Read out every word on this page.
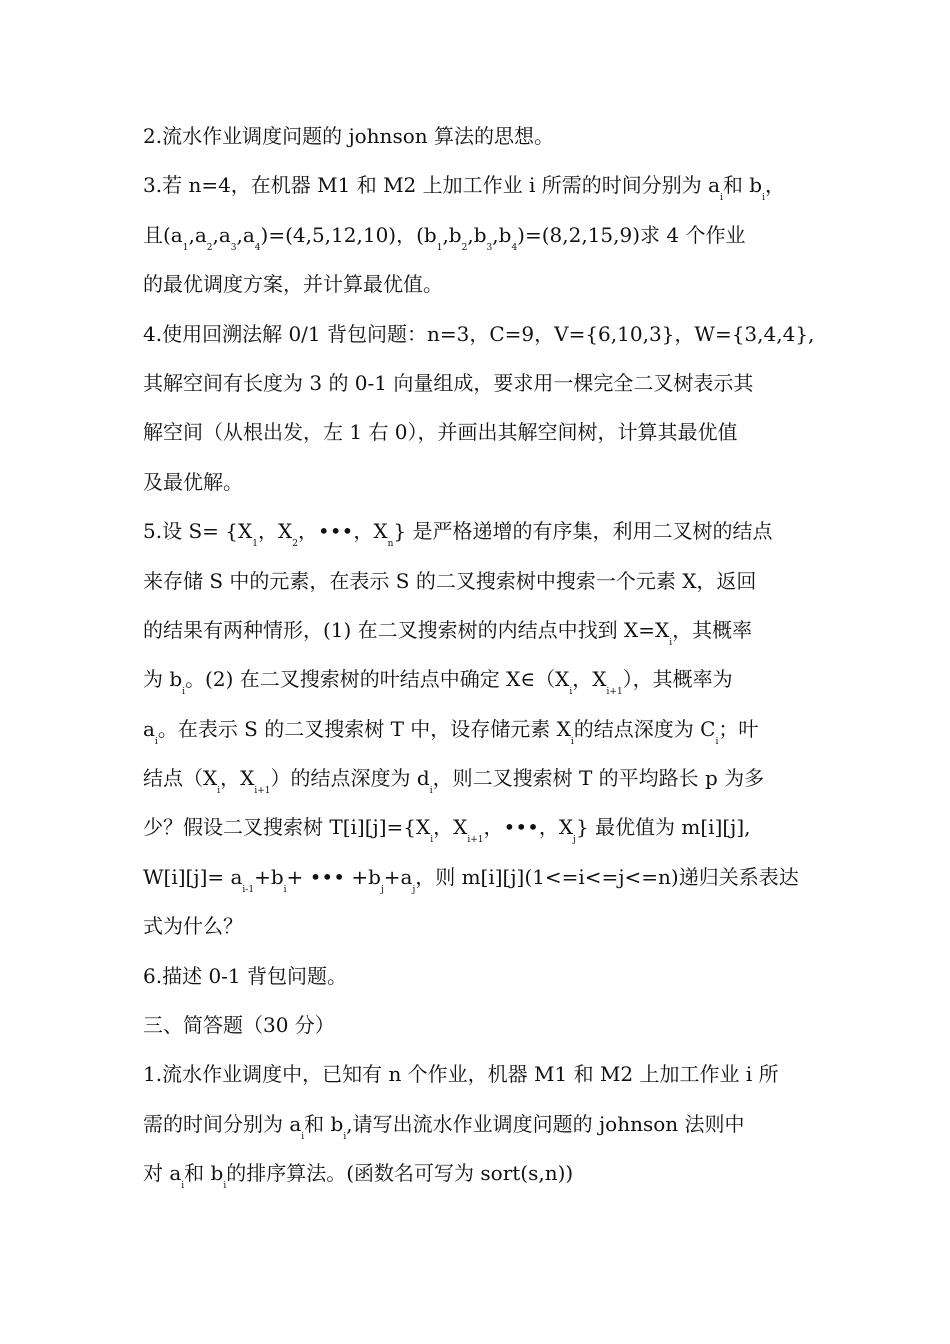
2.流水作业调度问题的 johnson 算法的思想。
3.若 n=4，在机器 M1 和 M2 上加工作业 i 所需的时间分别为 $a_i$和 $b_i$，
且$(a_1,a_2,a_3,a_4)=(4,5,12,10)$，$(b_1,b_2,b_3,b_4)=(8,2,15,9)$求 4 个作业
的最优调度方案，并计算最优值。
4.使用回溯法解 0/1 背包问题：n=3，C=9，V={6,10,3}，W={3,4,4},
其解空间有长度为 3 的 0-1 向量组成，要求用一棵完全二叉树表示其
解空间（从根出发，左 1 右 0），并画出其解空间树，计算其最优值
及最优解。
5.设 $S= \{X_1$，$X_2$，•••，$X_n$} 是严格递增的有序集，利用二叉树的结点
来存储 S 中的元素，在表示 S 的二叉搜索树中搜索一个元素 X，返回
的结果有两种情形，(1) 在二叉搜索树的内结点中找到 $X=X_i$，其概率
为 $b_i$。(2) 在二叉搜索树的叶结点中确定 $X\in(X_i$，$X_{i+1}$），其概率为
$a_i$。在表示 S 的二叉搜索树 T 中，设存储元素 $X_i$的结点深度为 $C_i$；叶
结点（$X_i$，$X_{i+1}$）的结点深度为 $d_i$，则二叉搜索树 T 的平均路长 p 为多
少？假设二叉搜索树 $T[i][j]=\{X_i$，$X_{i+1}$，•••，$X_j$} 最优值为 m[i][j],
$W[i][j]= a_{i-1}+b_i+$ ••• $+b_j+a_j$，则 m[i][j](1<=i<=j<=n)递归关系表达
式为什么？
6.描述 0-1 背包问题。
三、简答题（30 分）
1.流水作业调度中，已知有 n 个作业，机器 M1 和 M2 上加工作业 i 所
需的时间分别为 $a_i$和 $b_i$,请写出流水作业调度问题的 johnson 法则中
对 $a_i$和 $b_i$的排序算法。(函数名可写为 sort(s,n))
